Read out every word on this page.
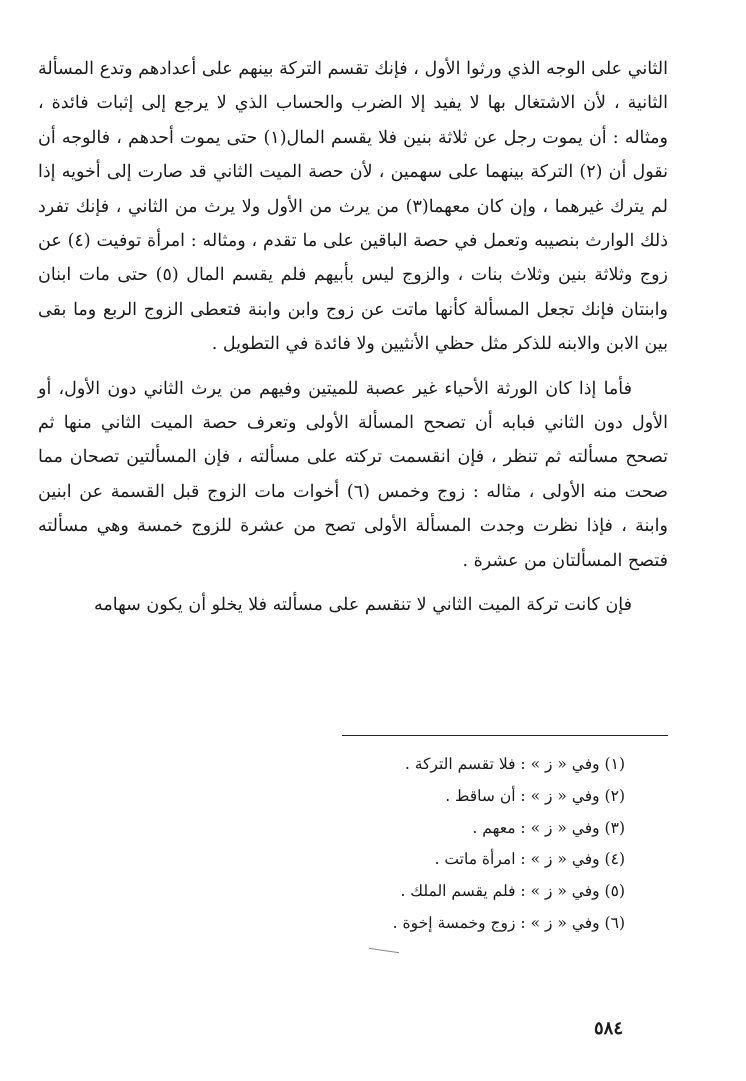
الثاني على الوجه الذي ورثوا الأول ، فإنك تقسم التركة بينهم على أعدادهم وتدع المسألة الثانية ، لأن الاشتغال بها لا يفيد إلا الضرب والحساب الذي لا يرجع إلى إثبات فائدة ، ومثاله : أن يموت رجل عن ثلاثة بنين فلا يقسم المال(١) حتى يموت أحدهم ، فالوجه أن نقول أن (٢) التركة بينهما على سهمين ، لأن حصة الميت الثاني قد صارت إلى أخويه إذا لم يترك غيرهما ، وإن كان معهما(٣) من يرث من الأول ولا يرث من الثاني ، فإنك تفرد ذلك الوارث بنصيبه وتعمل في حصة الباقين على ما تقدم ، ومثاله : امرأة توفيت (٤) عن زوج وثلاثة بنين وثلاث بنات ، والزوج ليس بأبيهم فلم يقسم المال (٥) حتى مات ابنان وابنتان فإنك تجعل المسألة كأنها ماتت عن زوج وابن وابنة فتعطى الزوج الربع وما بقى بين الابن والابنه للذكر مثل حظي الأنثيين ولا فائدة في التطويل .

فأما إذا كان الورثة الأحياء غير عصبة للميتين وفيهم من يرث الثاني دون الأول، أو الأول دون الثاني فبابه أن تصحح المسألة الأولى وتعرف حصة الميت الثاني منها ثم تصحح مسألته ثم تنظر ، فإن انقسمت تركته على مسألته ، فإن المسألتين تصحان مما صحت منه الأولى ، مثاله : زوج وخمس (٦) أخوات مات الزوج قبل القسمة عن ابنين وابنة ، فإذا نظرت وجدت المسألة الأولى تصح من عشرة للزوج خمسة وهي مسألته فتصح المسألتان من عشرة .

فإن كانت تركة الميت الثاني لا تنقسم على مسألته فلا يخلو أن يكون سهامه

(١) وفي « ز » : فلا تقسم التركة .

(٢) وفي « ز » : أن ساقط .

(٣) وفي « ز » : معهم .

(٤) وفي « ز » : امرأة ماتت .

(٥) وفي « ز » : فلم يقسم الملك .

(٦) وفي « ز » : زوج وخمسة إخوة .

٥٨٤
